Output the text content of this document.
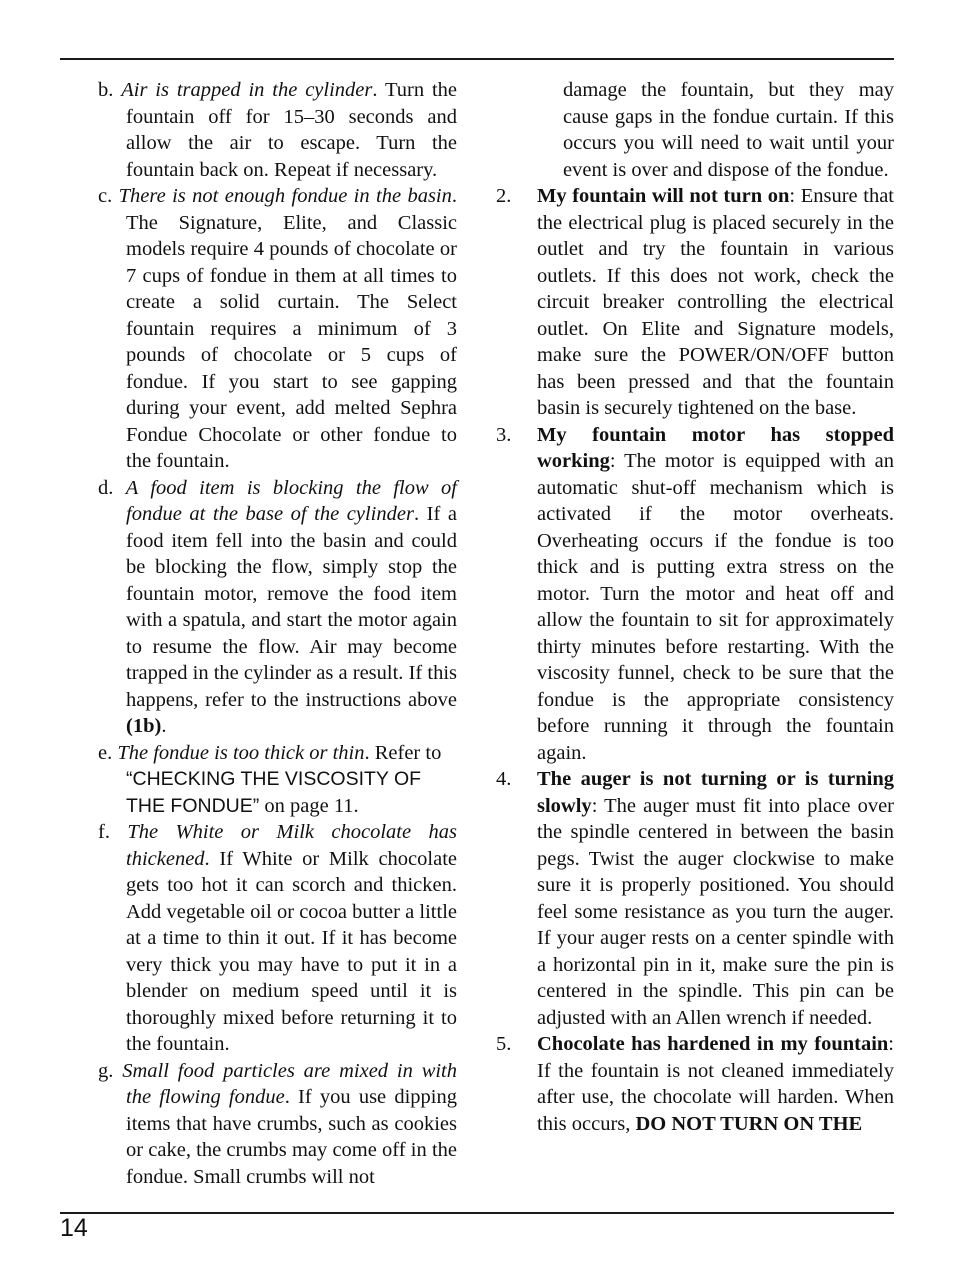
b. Air is trapped in the cylinder. Turn the fountain off for 15–30 seconds and allow the air to escape. Turn the fountain back on. Repeat if necessary.

c. There is not enough fondue in the basin. The Signature, Elite, and Classic models require 4 pounds of chocolate or 7 cups of fondue in them at all times to create a solid curtain. The Select fountain requires a minimum of 3 pounds of chocolate or 5 cups of fondue. If you start to see gapping during your event, add melted Sephra Fondue Chocolate or other fondue to the fountain.

d. A food item is blocking the flow of fondue at the base of the cylinder. If a food item fell into the basin and could be blocking the flow, simply stop the fountain motor, remove the food item with a spatula, and start the motor again to resume the flow. Air may become trapped in the cylinder as a result. If this happens, refer to the instructions above (1b).

e. The fondue is too thick or thin. Refer to “CHECKING THE VISCOSITY OF THE FONDUE” on page 11.

f. The White or Milk chocolate has thickened. If White or Milk chocolate gets too hot it can scorch and thicken. Add vegetable oil or cocoa butter a little at a time to thin it out. If it has become very thick you may have to put it in a blender on medium speed until it is thoroughly mixed before returning it to the fountain.

g. Small food particles are mixed in with the flowing fondue. If you use dipping items that have crumbs, such as cookies or cake, the crumbs may come off in the fondue. Small crumbs will not

damage the fountain, but they may cause gaps in the fondue curtain. If this occurs you will need to wait until your event is over and dispose of the fondue.

2. My fountain will not turn on: Ensure that the electrical plug is placed securely in the outlet and try the fountain in various outlets. If this does not work, check the circuit breaker controlling the electrical outlet. On Elite and Signature models, make sure the POWER/ON/OFF button has been pressed and that the fountain basin is securely tightened on the base.

3. My fountain motor has stopped working: The motor is equipped with an automatic shut-off mechanism which is activated if the motor overheats. Overheating occurs if the fondue is too thick and is putting extra stress on the motor. Turn the motor and heat off and allow the fountain to sit for approximately thirty minutes before restarting. With the viscosity funnel, check to be sure that the fondue is the appropriate consistency before running it through the fountain again.

4. The auger is not turning or is turning slowly: The auger must fit into place over the spindle centered in between the basin pegs. Twist the auger clockwise to make sure it is properly positioned. You should feel some resistance as you turn the auger. If your auger rests on a center spindle with a horizontal pin in it, make sure the pin is centered in the spindle. This pin can be adjusted with an Allen wrench if needed.

5. Chocolate has hardened in my fountain: If the fountain is not cleaned immediately after use, the chocolate will harden. When this occurs, DO NOT TURN ON THE

14
